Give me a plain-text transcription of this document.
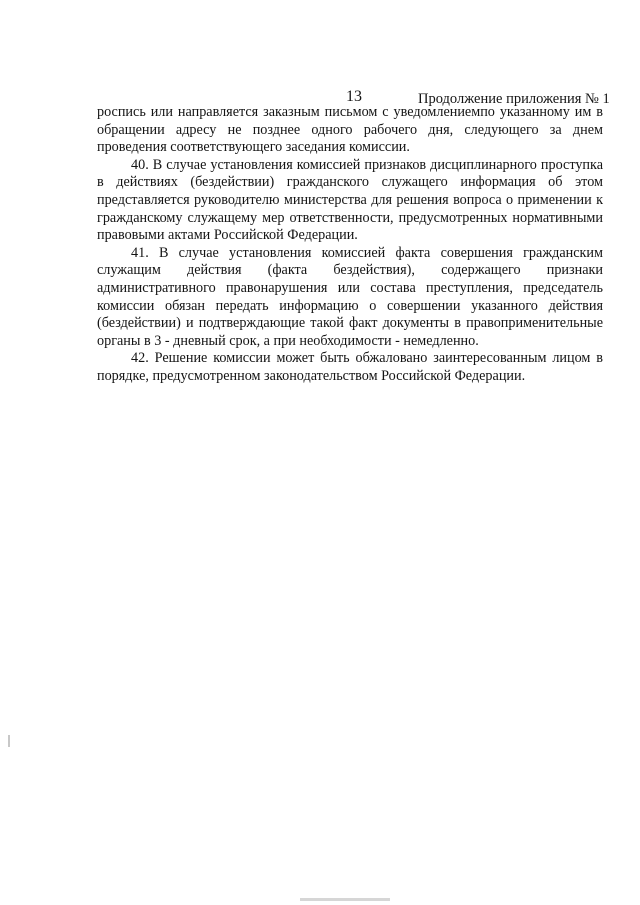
13	Продолжение приложения № 1

роспись или направляется заказным письмом с уведомлениемпо указанному им в обращении адресу не позднее одного рабочего дня, следующего за днем проведения соответствующего заседания комиссии.

40. В случае установления комиссией признаков дисциплинарного проступка в действиях (бездействии) гражданского служащего информация об этом представляется руководителю министерства для решения вопроса о применении к гражданскому служащему мер ответственности, предусмотренных нормативными правовыми актами Российской Федерации.

41. В случае установления комиссией факта совершения гражданским служащим действия (факта бездействия), содержащего признаки административного правонарушения или состава преступления, председатель комиссии обязан передать информацию о совершении указанного действия (бездействии) и подтверждающие такой факт документы в правоприменительные органы в 3 - дневный срок, а при необходимости - немедленно.

42. Решение комиссии может быть обжаловано заинтересованным лицом в порядке, предусмотренном законодательством Российской Федерации.
